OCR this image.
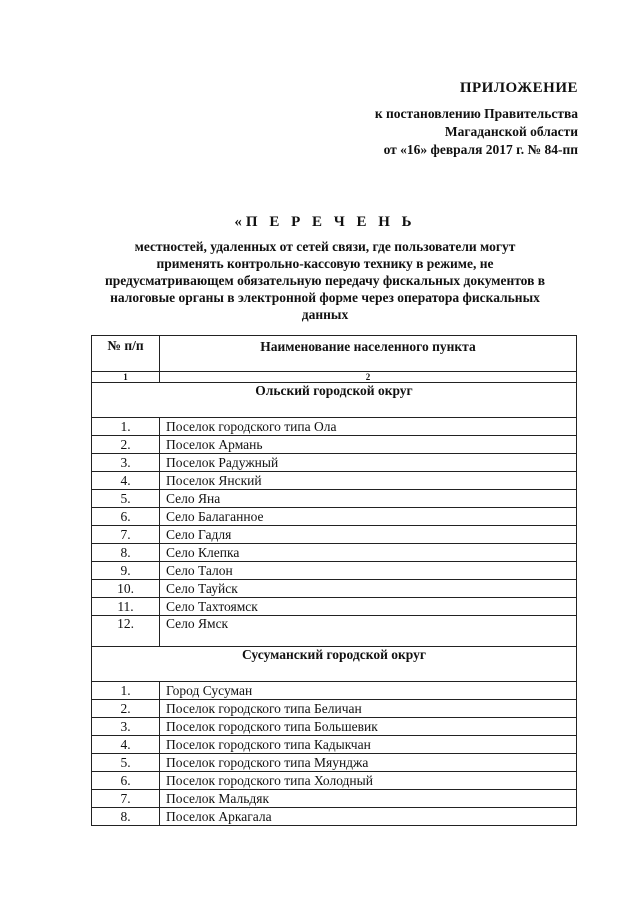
ПРИЛОЖЕНИЕ
к постановлению Правительства
Магаданской области
от «16» февраля 2017 г. № 84-пп
«П Е Р Е Ч Е Н Ь
местностей, удаленных от сетей связи, где пользователи могут применять контрольно-кассовую технику в режиме, не предусматривающем обязательную передачу фискальных документов в налоговые органы в электронной форме через оператора фискальных данных
№ п/п	Наименование населенного пункта
1	2
Ольский городской округ	
1.	Поселок городского типа Ола
2.	Поселок Армань
3.	Поселок Радужный
4.	Поселок Янский
5.	Село Яна
6.	Село Балаганное
7.	Село Гадля
8.	Село Клепка
9.	Село Талон
10.	Село Тауйск
11.	Село Тахтоямск
12.	Село Ямск
Сусуманский городской округ	
1.	Город Сусуман
2.	Поселок городского типа Беличан
3.	Поселок городского типа Большевик
4.	Поселок городского типа Кадыкчан
5.	Поселок городского типа Мяунджа
6.	Поселок городского типа Холодный
7.	Поселок Мальдяк
8.	Поселок Аркагала
